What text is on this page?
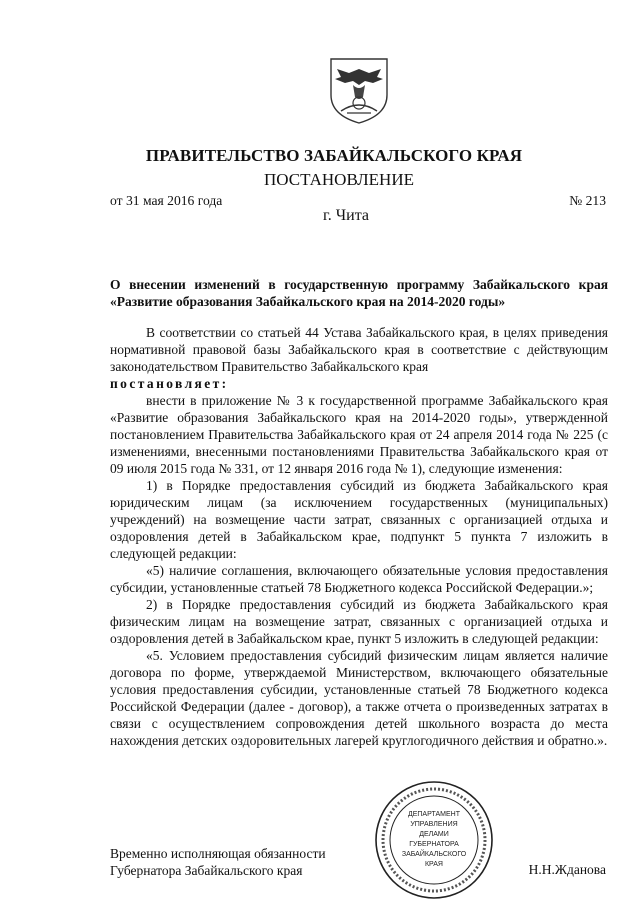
ПРАВИТЕЛЬСТВО ЗАБАЙКАЛЬСКОГО КРАЯ
ПОСТАНОВЛЕНИЕ
от 31 мая 2016 года	№ 213
г. Чита

О внесении изменений в государственную программу Забайкальского края «Развитие образования Забайкальского края на 2014-2020 годы»

В соответствии со статьей 44 Устава Забайкальского края, в целях приведения нормативной правовой базы Забайкальского края в соответствие с действующим законодательством Правительство Забайкальского края

постановляет:

внести в приложение № 3 к государственной программе Забайкальского края «Развитие образования Забайкальского края на 2014-2020 годы», утвержденной постановлением Правительства Забайкальского края от 24 апреля 2014 года № 225 (с изменениями, внесенными постановлениями Правительства Забайкальского края от 09 июля 2015 года № 331, от 12 января 2016 года № 1), следующие изменения:

1) в Порядке предоставления субсидий из бюджета Забайкальского края юридическим лицам (за исключением государственных (муниципальных) учреждений) на возмещение части затрат, связанных с организацией отдыха и оздоровления детей в Забайкальском крае, подпункт 5 пункта 7 изложить в следующей редакции:

«5) наличие соглашения, включающего обязательные условия предоставления субсидии, установленные статьей 78 Бюджетного кодекса Российской Федерации.»;

2) в Порядке предоставления субсидий из бюджета Забайкальского края физическим лицам на возмещение затрат, связанных с организацией отдыха и оздоровления детей в Забайкальском крае, пункт 5 изложить в следующей редакции:

«5. Условием предоставления субсидий физическим лицам является наличие договора по форме, утверждаемой Министерством, включающего обязательные условия предоставления субсидии, установленные статьей 78 Бюджетного кодекса Российской Федерации (далее - договор), а также отчета о произведенных затратах в связи с осуществлением сопровождения детей школьного возраста до места нахождения детских оздоровительных лагерей круглогодичного действия и обратно.».

Временно исполняющая обязанности
Губернатора Забайкальского края	Н.Н.Жданова
ДЕПАРТАМЕНТ
УПРАВЛЕНИЯ
ДЕЛАМИ
ГУБЕРНАТОРА
ЗАБАЙКАЛЬСКОГО
КРАЯ
